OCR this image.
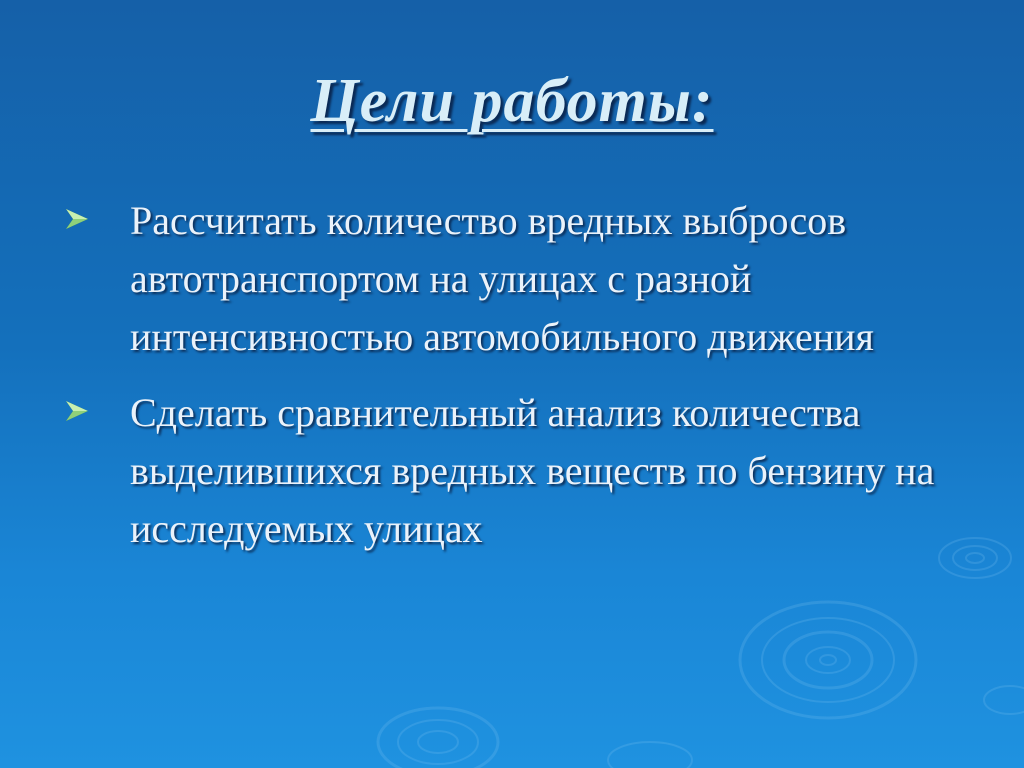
Цели работы:
Рассчитать количество вредных выбросов автотранспортом на улицах с разной интенсивностью автомобильного движения
Сделать сравнительный анализ количества выделившихся вредных веществ по бензину на исследуемых улицах
